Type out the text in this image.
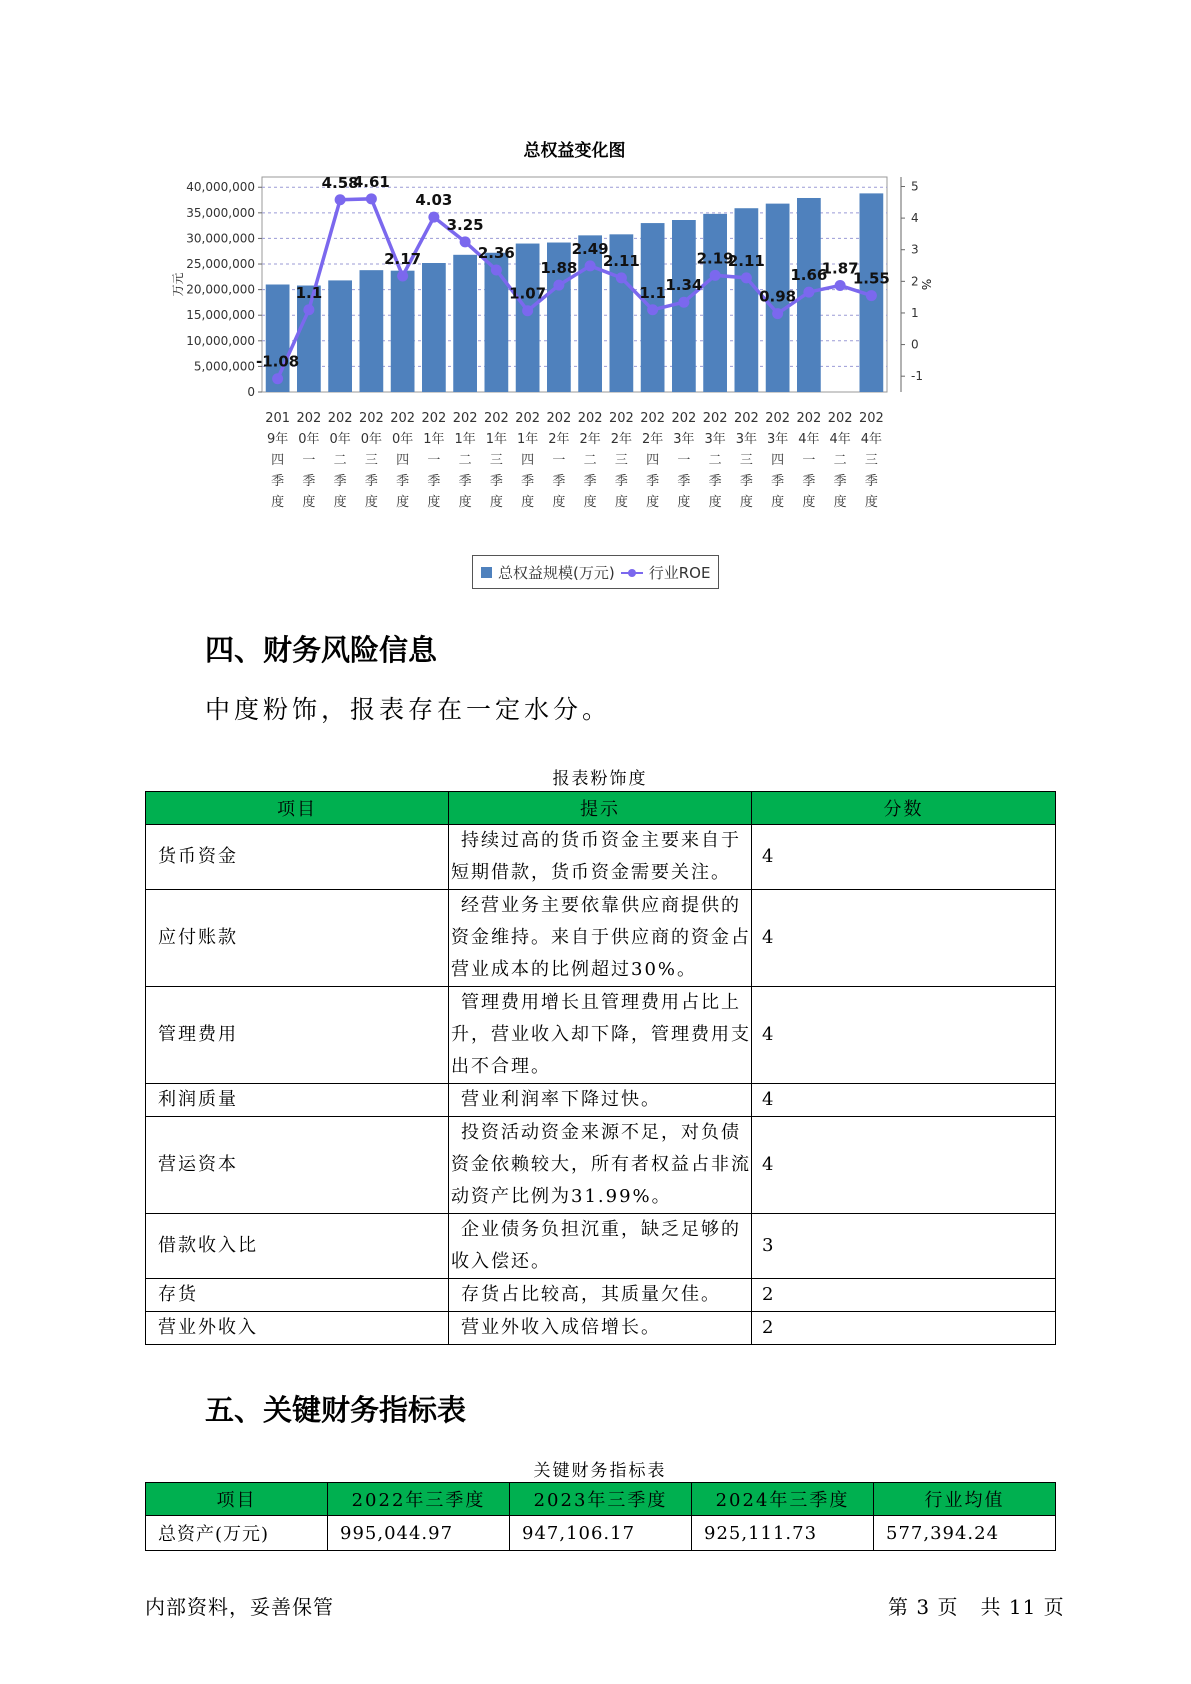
总权益变化图
0
5,000,000
10,000,000
15,000,000
20,000,000
25,000,000
30,000,000
35,000,000
40,000,000
-1
0
1
2
3
4
5
万元	%
201
9年
四
季
度
202
0年
一
季
度
202
0年
二
季
度
202
0年
三
季
度
202
0年
四
季
度
202
1年
一
季
度
202
1年
二
季
度
202
1年
三
季
度
202
1年
四
季
度
202
2年
一
季
度
202
2年
二
季
度
202
2年
三
季
度
202
2年
四
季
度
202
3年
一
季
度
202
3年
二
季
度
202
3年
三
季
度
202
3年
四
季
度
202
4年
一
季
度
202
4年
二
季
度
202
4年
三
季
度
-1.08
1.1
4.58
4.61
2.17
4.03
3.25
2.36
1.07
1.88
2.49
2.11
1.1 1.34
2.19
2.11
0.98
1.66
1.87
1.55
总权益规模(万元) 行业ROE
四、财务风险信息
中度粉饰，报表存在一定水分。
报表粉饰度
项目	提示	分数
货币资金	持续过高的货币资金主要来自于
短期借款，货币资金需要关注。	4
应付账款	经营业务主要依靠供应商提供的
资金维持。来自于供应商的资金占
营业成本的比例超过30%。	4
管理费用	管理费用增长且管理费用占比上
升，营业收入却下降，管理费用支
出不合理。	4
利润质量	营业利润率下降过快。	4
营运资本	投资活动资金来源不足，对负债
资金依赖较大，所有者权益占非流
动资产比例为31.99%。	4
借款收入比	企业债务负担沉重，缺乏足够的
收入偿还。	3
存货	存货占比较高，其质量欠佳。	2
营业外收入	营业外收入成倍增长。	2
五、关键财务指标表
关键财务指标表
项目	2022年三季度	2023年三季度	2024年三季度	行业均值
总资产(万元)	995,044.97	947,106.17	925,111.73	577,394.24
内部资料，妥善保管	第 3 页   共 11 页
